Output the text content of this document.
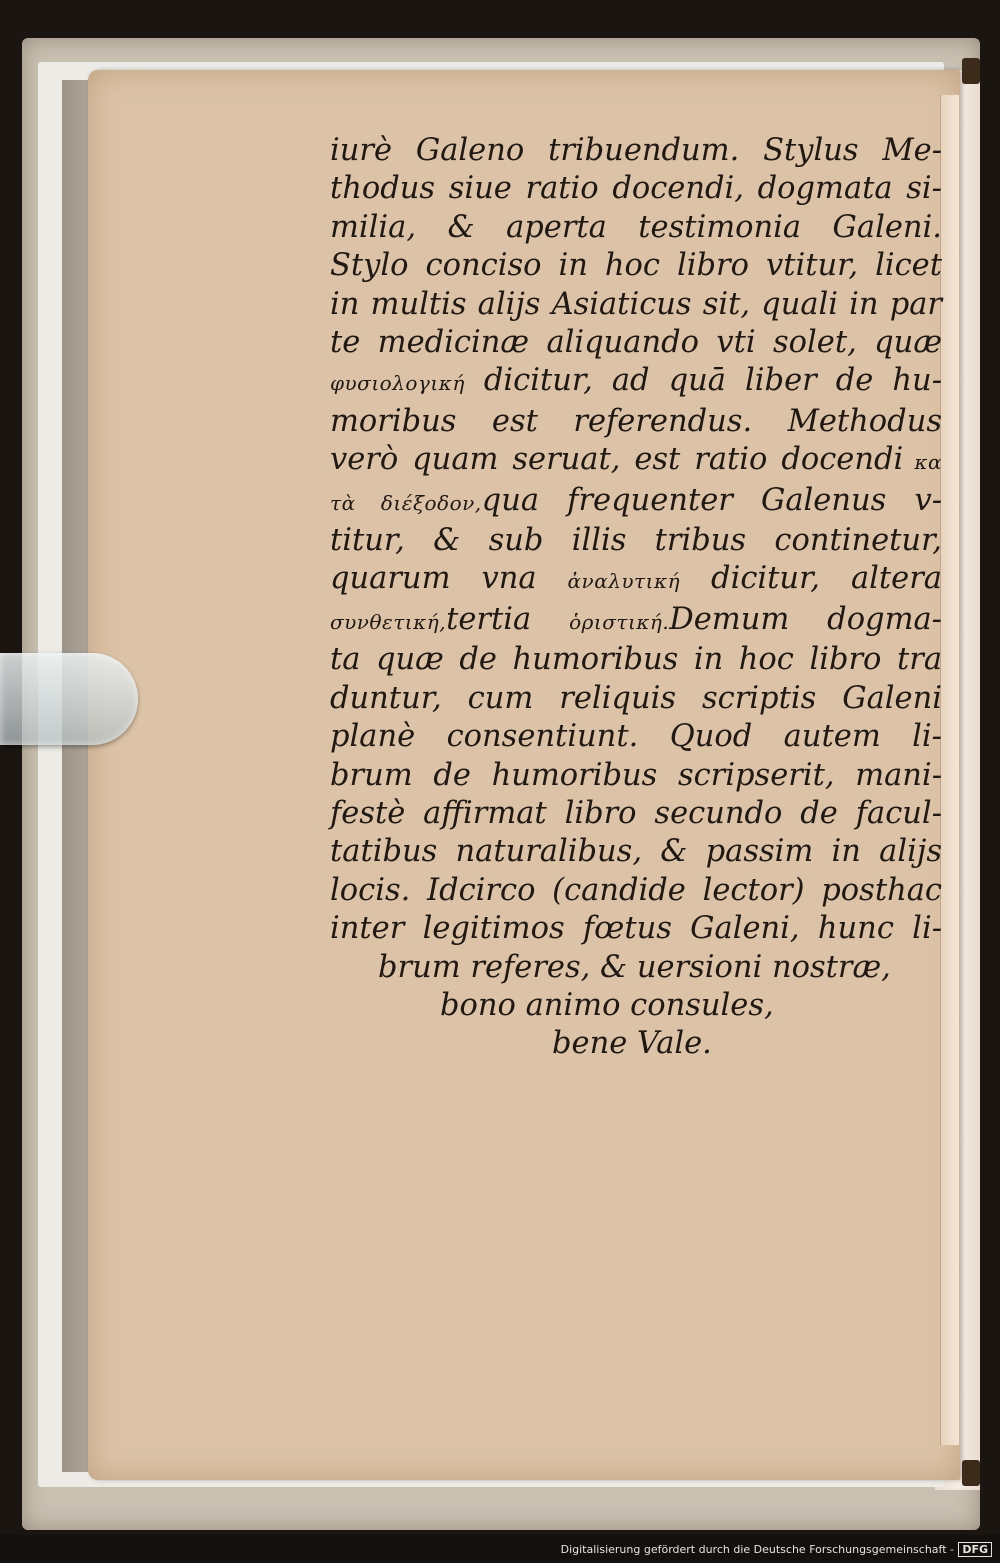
iurè Galeno tribuendum. Stylus Me-
thodus siue ratio docendi, dogmata si-
milia, & aperta testimonia Galeni.
Stylo conciso in hoc libro vtitur, licet
in multis alijs Asiaticus sit, quali in par
te medicinæ aliquando vti solet, quæ
φυσιολογική dicitur, ad quā liber de hu-
moribus est referendus. Methodus
verò quam seruat, est ratio docendi κα
τὰ διέξοδον,qua frequenter Galenus v-
titur, & sub illis tribus continetur,
quarum vna ἀναλυτική dicitur, altera
συνθετική,tertia ὁριστική.Demum dogma-
ta quæ de humoribus in hoc libro tra
duntur, cum reliquis scriptis Galeni
planè consentiunt. Quod autem li-
brum de humoribus scripserit, mani-
festè affirmat libro secundo de facul-
tatibus naturalibus, & passim in alijs
locis. Idcirco (candide lector) posthac
inter legitimos fœtus Galeni, hunc li-
brum referes, & uersioni nostræ,
bono animo consules,
bene Vale.
Digitalisierung gefördert durch die Deutsche Forschungsgemeinschaft - DFG
